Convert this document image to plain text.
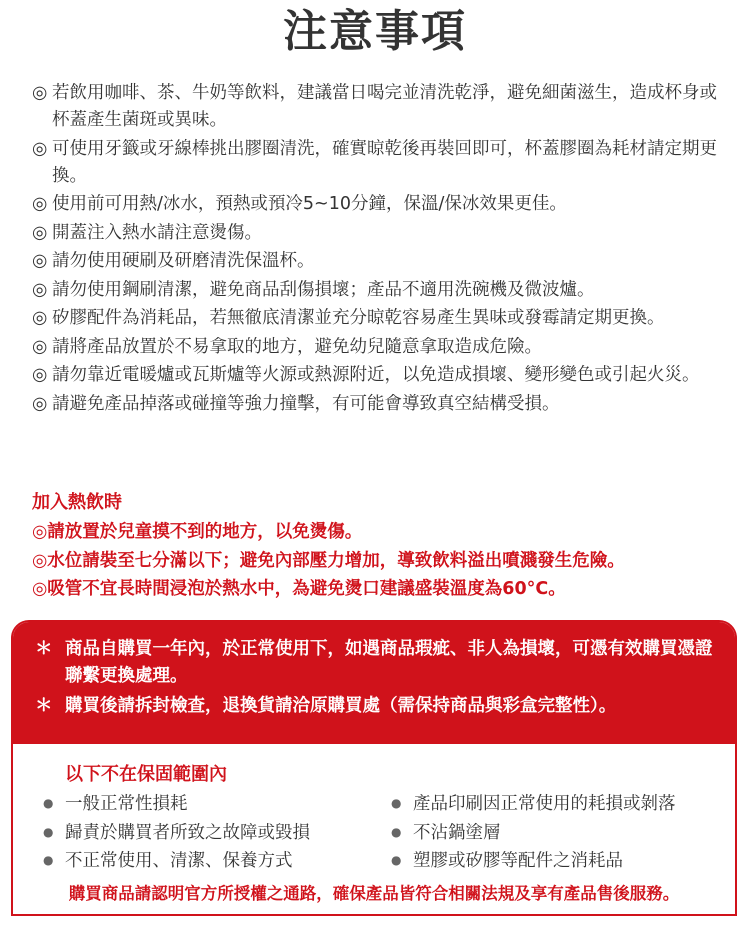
注意事項
◎ 若飲用咖啡、茶、牛奶等飲料，建議當日喝完並清洗乾淨，避免細菌滋生，造成杯身或杯蓋產生菌斑或異味。
◎ 可使用牙籤或牙線棒挑出膠圈清洗，確實晾乾後再裝回即可，杯蓋膠圈為耗材請定期更換。
◎ 使用前可用熱/冰水，預熱或預冷5~10分鐘，保溫/保冰效果更佳。
◎ 開蓋注入熱水請注意燙傷。
◎ 請勿使用硬刷及研磨清洗保溫杯。
◎ 請勿使用鋼刷清潔，避免商品刮傷損壞；產品不適用洗碗機及微波爐。
◎ 矽膠配件為消耗品，若無徹底清潔並充分晾乾容易產生異味或發霉請定期更換。
◎ 請將產品放置於不易拿取的地方，避免幼兒隨意拿取造成危險。
◎ 請勿靠近電暖爐或瓦斯爐等火源或熱源附近，以免造成損壞、變形變色或引起火災。
◎ 請避免產品掉落或碰撞等強力撞擊，有可能會導致真空結構受損。
加入熱飲時
◎請放置於兒童摸不到的地方，以免燙傷。
◎水位請裝至七分滿以下；避免內部壓力增加，導致飲料溢出噴濺發生危險。
◎吸管不宜長時間浸泡於熱水中，為避免燙口建議盛裝溫度為60°C。
＊ 商品自購買一年內，於正常使用下，如遇商品瑕疵、非人為損壞，可憑有效購買憑證聯繫更換處理。
＊ 購買後請拆封檢查，退換貨請洽原購買處（需保持商品與彩盒完整性）。
以下不在保固範圍內
● 一般正常性損耗
● 歸責於購買者所致之故障或毀損
● 不正常使用、清潔、保養方式
● 產品印刷因正常使用的耗損或剝落
● 不沾鍋塗層
● 塑膠或矽膠等配件之消耗品
購買商品請認明官方所授權之通路，確保產品皆符合相關法規及享有產品售後服務。
